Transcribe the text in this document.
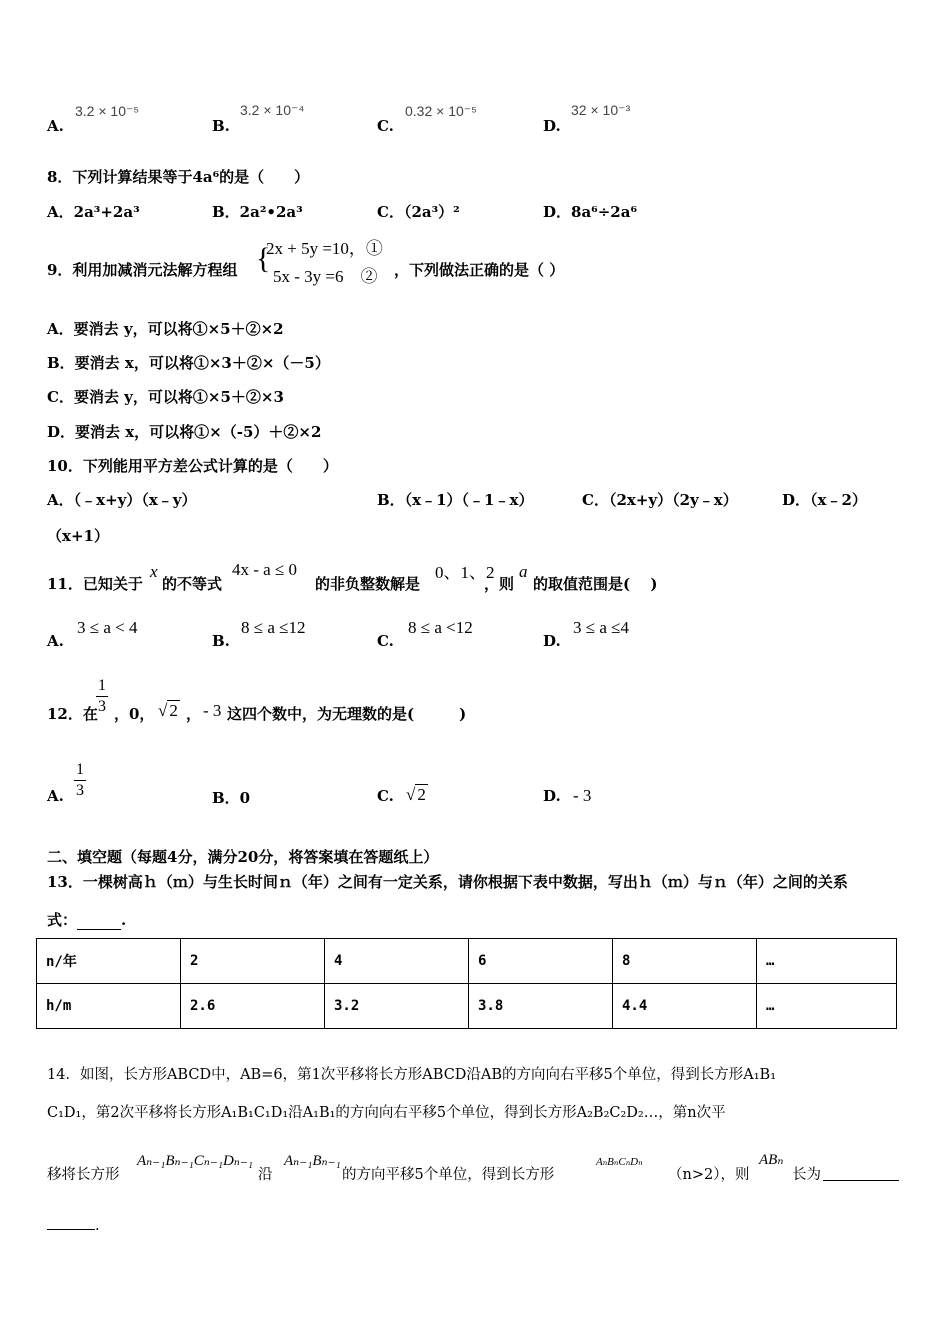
A.
3.2 × 10⁻⁵
B.
3.2 × 10⁻⁴
C.
0.32 × 10⁻⁵
D.
32 × 10⁻³
8．下列计算结果等于4a⁶的是（　　）
A．2a³+2a³	B．2a²•2a³	C．（2a³）²	D．8a⁶÷2a⁶
9．利用加减消元法解方程组 {
2x + 5y =10，①
5x - 3y =6　② ，下列做法正确的是（ ）
A．要消去 y，可以将①×5＋②×2
B．要消去 x，可以将①×3＋②×（－5）
C．要消去 y，可以将①×5＋②×3
D．要消去 x，可以将①×（-5）＋②×2
10．下列能用平方差公式计算的是（　　）
A．（﹣x+y）（x﹣y）	B．（x﹣1）（﹣1﹣x）	C．（2x+y）（2y﹣x）	D．（x﹣2）
（x+1）
11．已知关于
x
的不等式
4x - a ≤ 0
的非负整数解是
0、1、2
，则
a
的取值范围是(　 )
A.
3 ≤ a < 4
B.
8 ≤ a ≤12
C.
8 ≤ a <12
D.
3 ≤ a ≤4
12．在
$\frac{1}{3}$ ，0， √ 2 ， - 3 这四个数中，为无理数的是(　　　)
A. $\frac{1}{3}$	B．0	C. √ 2	D. - 3
二、填空题（每题4分，满分20分，将答案填在答题纸上）
13．一棵树高ｈ（ｍ）与生长时间ｎ（年）之间有一定关系，请你根据下表中数据，写出ｈ（ｍ）与ｎ（年）之间的关系
式：	.
n/年	2	4	6	8	…
h/m	2.6	3.2	3.8	4.4	…
14．如图，长方形ABCD中，AB=6，第1次平移将长方形ABCD沿AB的方向向右平移5个单位，得到长方形A₁B₁
C₁D₁，第2次平移将长方形A₁B₁C₁D₁沿A₁B₁的方向向右平移5个单位，得到长方形A₂B₂C₂D₂…，第n次平
移将长方形
Aₙ₋₁Bₙ₋₁Cₙ₋₁Dₙ₋₁
沿
Aₙ₋₁Bₙ₋₁
的方向平移5个单位，得到长方形
AₙBₙCₙDₙ
（n>2），则
ABₙ
长为
.
